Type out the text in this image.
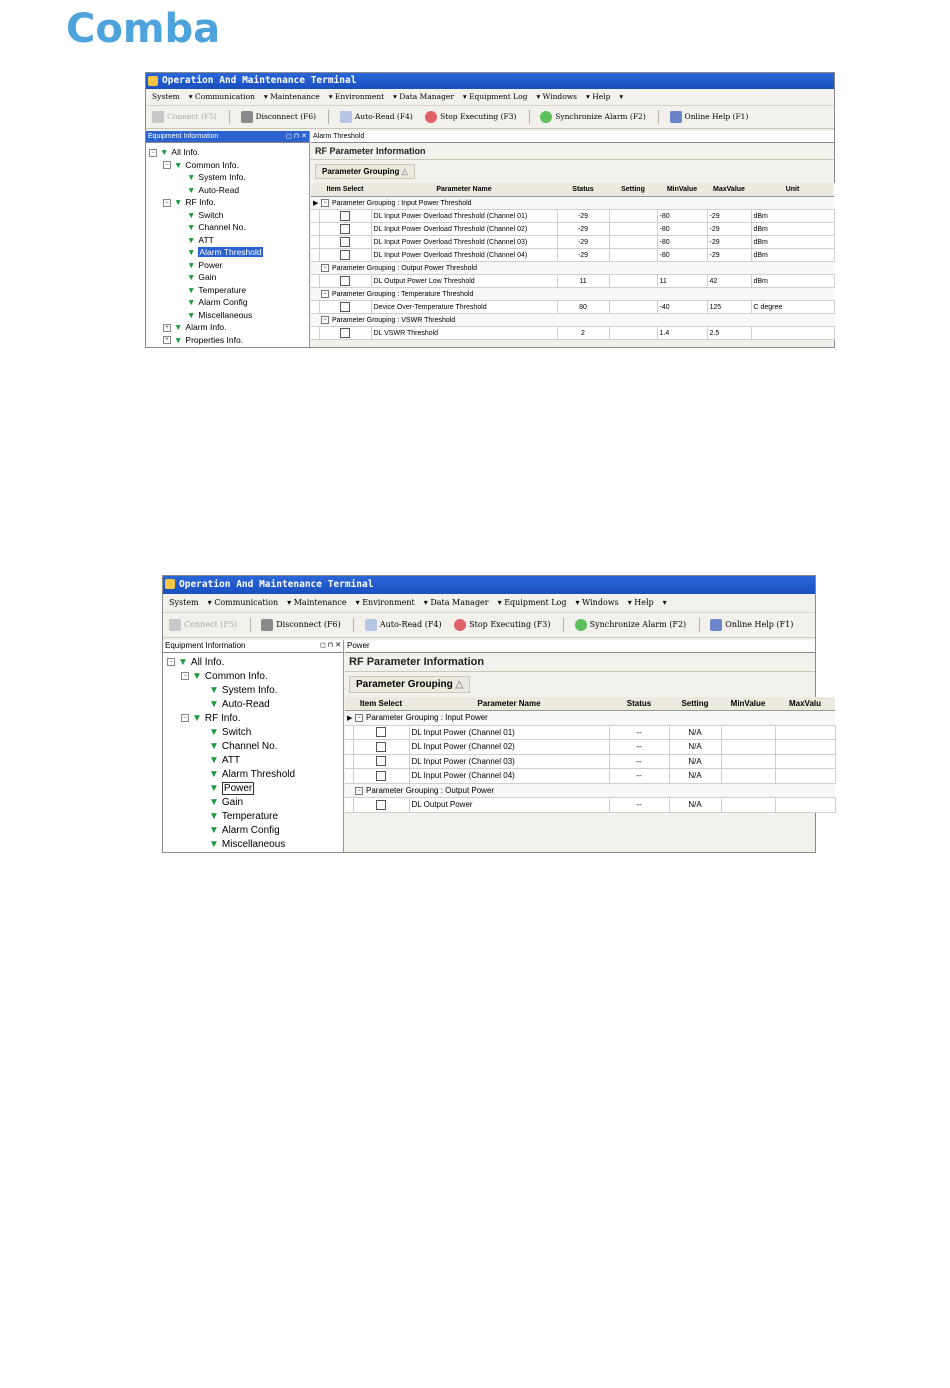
Comba
Operation And Maintenance Terminal
System ▾ Communication ▾ Maintenance ▾ Environment ▾ Data Manager ▾ Equipment Log ▾ Windows ▾ Help ▾
Connect (F5)	Disconnect (F6)	Auto-Read (F4)	Stop Executing (F3)	Synchronize Alarm (F2)	Online Help (F1)
Equipment Information	◻ ⊓ ✕
− ▼ All Info.
− ▼ Common Info.
▼ System Info.
▼ Auto-Read
− ▼ RF Info.
▼ Switch
▼ Channel No.
▼ ATT
▼ Alarm Threshold
▼ Power
▼ Gain
▼ Temperature
▼ Alarm Config
▼ Miscellaneous
+ ▼ Alarm Info.
+ ▼ Properties Info.
Alarm Threshold
RF Parameter Information
Parameter Grouping △
	Item Select	Parameter Name	Status	Setting	MinValue	MaxValue	Unit
▶	− Parameter Grouping : Input Power Threshold						
		DL Input Power Overload Threshold (Channel 01)	-29		-80	-29	dBm
		DL Input Power Overload Threshold (Channel 02)	-29		-80	-29	dBm
		DL Input Power Overload Threshold (Channel 03)	-29		-80	-29	dBm
		DL Input Power Overload Threshold (Channel 04)	-29		-80	-29	dBm
	− Parameter Grouping : Output Power Threshold						
		DL Output Power Low Threshold	11		11	42	dBm
	− Parameter Grouping : Temperature Threshold						
		Device Over-Temperature Threshold	80		-40	125	C degree
	− Parameter Grouping : VSWR Threshold						
		DL VSWR Threshold	2		1.4	2.5	
Operation And Maintenance Terminal
System ▾ Communication ▾ Maintenance ▾ Environment ▾ Data Manager ▾ Equipment Log ▾ Windows ▾ Help ▾
Connect (F5)	Disconnect (F6)	Auto-Read (F4)	Stop Executing (F3)	Synchronize Alarm (F2)	Online Help (F1)
Equipment Information	◻ ⊓ ✕
− ▼ All Info.
− ▼ Common Info.
▼ System Info.
▼ Auto-Read
− ▼ RF Info.
▼ Switch
▼ Channel No.
▼ ATT
▼ Alarm Threshold
▼ Power
▼ Gain
▼ Temperature
▼ Alarm Config
▼ Miscellaneous
Power
RF Parameter Information
Parameter Grouping △
	Item Select	Parameter Name	Status	Setting	MinValue	MaxValu
▶	− Parameter Grouping : Input Power					
		DL Input Power (Channel 01)	--	N/A		
		DL Input Power (Channel 02)	--	N/A		
		DL Input Power (Channel 03)	--	N/A		
		DL Input Power (Channel 04)	--	N/A		
	− Parameter Grouping : Output Power					
		DL Output Power	--	N/A		
